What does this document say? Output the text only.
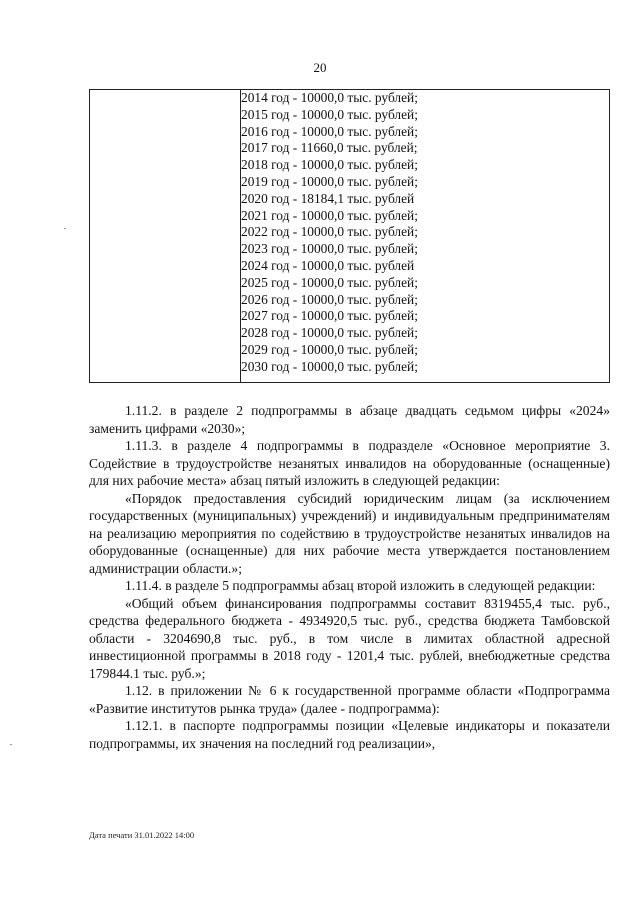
20

2014 год - 10000,0 тыс. рублей;
2015 год - 10000,0 тыс. рублей;
2016 год - 10000,0 тыс. рублей;
2017 год - 11660,0 тыс. рублей;
2018 год - 10000,0 тыс. рублей;
2019 год - 10000,0 тыс. рублей;
2020 год - 18184,1 тыс. рублей
2021 год - 10000,0 тыс. рублей;
2022 год - 10000,0 тыс. рублей;
2023 год - 10000,0 тыс. рублей;
2024 год - 10000,0 тыс. рублей
2025 год - 10000,0 тыс. рублей;
2026 год - 10000,0 тыс. рублей;
2027 год - 10000,0 тыс. рублей;
2028 год - 10000,0 тыс. рублей;
2029 год - 10000,0 тыс. рублей;
2030 год - 10000,0 тыс. рублей;

1.11.2. в разделе 2 подпрограммы в абзаце двадцать седьмом цифры «2024» заменить цифрами «2030»;

1.11.3. в разделе 4 подпрограммы в подразделе «Основное мероприятие 3. Содействие в трудоустройстве незанятых инвалидов на оборудованные (оснащенные) для них рабочие места» абзац пятый изложить в следующей редакции:

«Порядок предоставления субсидий юридическим лицам (за исключением государственных (муниципальных) учреждений) и индивидуальным предпринимателям на реализацию мероприятия по содействию в трудоустройстве незанятых инвалидов на оборудованные (оснащенные) для них рабочие места утверждается постановлением администрации области.»;

1.11.4. в разделе 5 подпрограммы абзац второй изложить в следующей редакции:

«Общий объем финансирования подпрограммы составит 8319455,4 тыс. руб., средства федерального бюджета - 4934920,5 тыс. руб., средства бюджета Тамбовской области - 3204690,8 тыс. руб., в том числе в лимитах областной адресной инвестиционной программы в 2018 году - 1201,4 тыс. рублей, внебюджетные средства 179844.1 тыс. руб.»;

1.12. в приложении № 6 к государственной программе области «Подпрограмма «Развитие институтов рынка труда» (далее - подпрограмма):

1.12.1. в паспорте подпрограммы позиции «Целевые индикаторы и показатели подпрограммы, их значения на последний год реализации»,

Дата печати 31.01.2022 14:00
